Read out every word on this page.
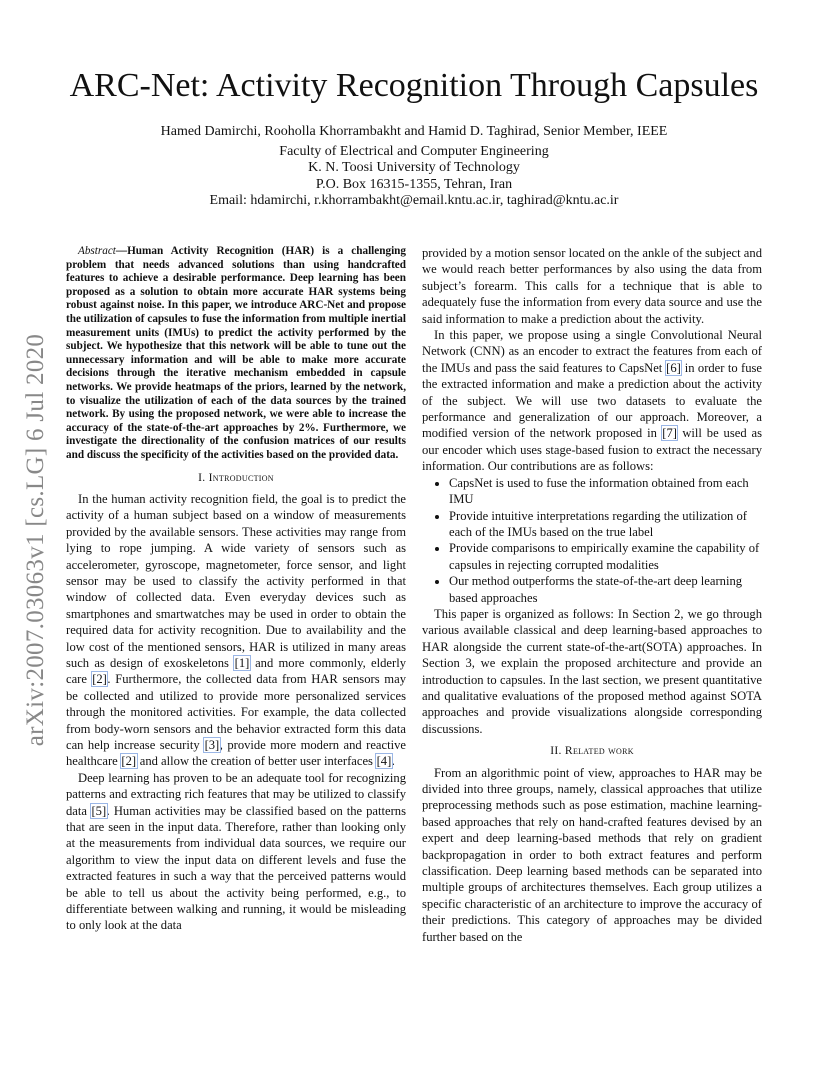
ARC-Net: Activity Recognition Through Capsules
Hamed Damirchi, Rooholla Khorrambakht and Hamid D. Taghirad, Senior Member, IEEE
Faculty of Electrical and Computer Engineering
K. N. Toosi University of Technology
P.O. Box 16315-1355, Tehran, Iran
Email: hdamirchi, r.khorrambakht@email.kntu.ac.ir, taghirad@kntu.ac.ir
arXiv:2007.03063v1 [cs.LG] 6 Jul 2020

Abstract—Human Activity Recognition (HAR) is a challenging problem that needs advanced solutions than using handcrafted features to achieve a desirable performance. Deep learning has been proposed as a solution to obtain more accurate HAR systems being robust against noise. In this paper, we introduce ARC-Net and propose the utilization of capsules to fuse the information from multiple inertial measurement units (IMUs) to predict the activity performed by the subject. We hypothesize that this network will be able to tune out the unnecessary information and will be able to make more accurate decisions through the iterative mechanism embedded in capsule networks. We provide heatmaps of the priors, learned by the network, to visualize the utilization of each of the data sources by the trained network. By using the proposed network, we were able to increase the accuracy of the state-of-the-art approaches by 2%. Furthermore, we investigate the directionality of the confusion matrices of our results and discuss the specificity of the activities based on the provided data.

I. Introduction

In the human activity recognition field, the goal is to predict the activity of a human subject based on a window of measurements provided by the available sensors. These activities may range from lying to rope jumping. A wide variety of sensors such as accelerometer, gyroscope, magnetometer, force sensor, and light sensor may be used to classify the activity performed in that window of collected data. Even everyday devices such as smartphones and smartwatches may be used in order to obtain the required data for activity recognition. Due to availability and the low cost of the mentioned sensors, HAR is utilized in many areas such as design of exoskeletons [1] and more commonly, elderly care [2]. Furthermore, the collected data from HAR sensors may be collected and utilized to provide more personalized services through the monitored activities. For example, the data collected from body-worn sensors and the behavior extracted form this data can help increase security [3], provide more modern and reactive healthcare [2] and allow the creation of better user interfaces [4].

Deep learning has proven to be an adequate tool for recognizing patterns and extracting rich features that may be utilized to classify data [5]. Human activities may be classified based on the patterns that are seen in the input data. Therefore, rather than looking only at the measurements from individual data sources, we require our algorithm to view the input data on different levels and fuse the extracted features in such a way that the perceived patterns would be able to tell us about the activity being performed, e.g., to differentiate between walking and running, it would be misleading to only look at the data

provided by a motion sensor located on the ankle of the subject and we would reach better performances by also using the data from subject’s forearm. This calls for a technique that is able to adequately fuse the information from every data source and use the said information to make a prediction about the activity.

In this paper, we propose using a single Convolutional Neural Network (CNN) as an encoder to extract the features from each of the IMUs and pass the said features to CapsNet [6] in order to fuse the extracted information and make a prediction about the activity of the subject. We will use two datasets to evaluate the performance and generalization of our approach. Moreover, a modified version of the network proposed in [7] will be used as our encoder which uses stage-based fusion to extract the necessary information. Our contributions are as follows:

• CapsNet is used to fuse the information obtained from each IMU
• Provide intuitive interpretations regarding the utilization of each of the IMUs based on the true label
• Provide comparisons to empirically examine the capability of capsules in rejecting corrupted modalities
• Our method outperforms the state-of-the-art deep learning based approaches

This paper is organized as follows: In Section 2, we go through various available classical and deep learning-based approaches to HAR alongside the current state-of-the-art(SOTA) approaches. In Section 3, we explain the proposed architecture and provide an introduction to capsules. In the last section, we present quantitative and qualitative evaluations of the proposed method against SOTA approaches and provide visualizations alongside corresponding discussions.

II. Related work

From an algorithmic point of view, approaches to HAR may be divided into three groups, namely, classical approaches that utilize preprocessing methods such as pose estimation, machine learning-based approaches that rely on hand-crafted features devised by an expert and deep learning-based methods that rely on gradient backpropagation in order to both extract features and perform classification. Deep learning based methods can be separated into multiple groups of architectures themselves. Each group utilizes a specific characteristic of an architecture to improve the accuracy of their predictions. This category of approaches may be divided further based on the
